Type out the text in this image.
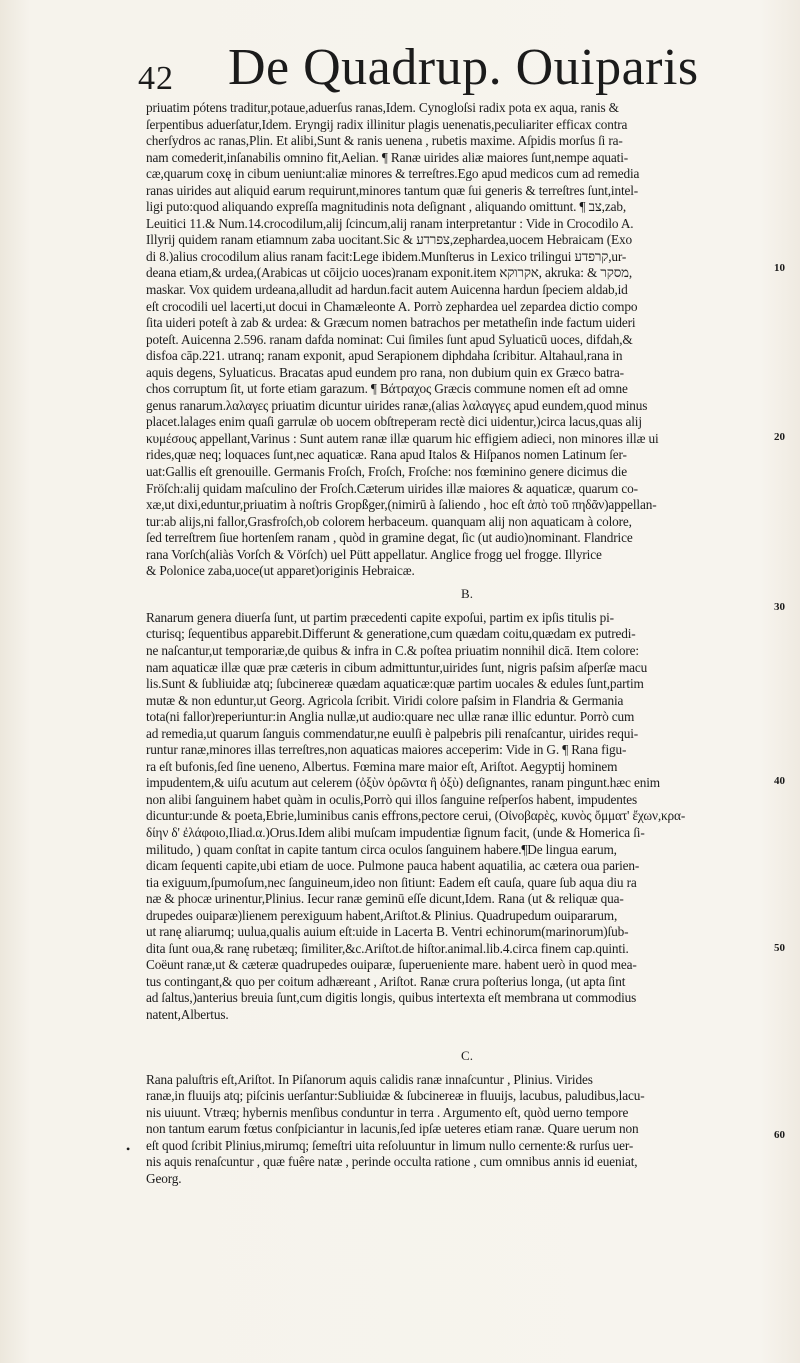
42 De Quadrup. Ouiparis
priuatim pótens traditur,potaue,aduerſus ranas,Idem. Cynogloſsi radix pota ex aqua, ranis &
ſerpentibus aduerſatur,Idem. Eryngij radix illinitur plagis uenenatis,peculiariter efficax contra
cherſydros ac ranas,Plin. Et alibi,Sunt & ranis uenena , rubetis maxime. Aſpidis morſus ſi ra-
nam comederit,inſanabilis omnino fit,Aelian. ¶ Ranæ uirides aliæ maiores ſunt,nempe aquati-
cæ,quarum coxę in cibum ueniunt:aliæ minores & terreſtres.Ego apud medicos cum ad remedia
ranas uirides aut aliquid earum requirunt,minores tantum quæ ſui generis & terreſtres ſunt,intel-
ligi puto:quod aliquando expreſſa magnitudinis nota deſignant , aliquando omittunt. ¶ צב,zab,
Leuitici 11.& Num.14.crocodilum,alij ſcincum,alij ranam interpretantur : Vide in Crocodilo A.
Illyrij quidem ranam etiamnum zaba uocitant.Sic & צפרדע,zephardea,uocem Hebraicam (Exo
di 8.)alius crocodilum alius ranam facit:Lege ibidem.Munſterus in Lexico trilingui קרפדע,ur-
deana etiam,& urdea,(Arabicas ut cōijcio uoces)ranam exponit.item אקרוקא, akruka: & מסקר,
maskar. Vox quidem urdeana,alludit ad hardun.facit autem Auicenna hardun ſpeciem aldab,id
eſt crocodili uel lacerti,ut docui in Chamæleonte A. Porrò zephardea uel zepardea dictio compo
ſita uideri poteſt à zab & urdea: & Græcum nomen batrachos per metatheſin inde factum uideri
poteſt. Auicenna 2.596. ranam dafda nominat: Cui ſimiles ſunt apud Syluaticū uoces, difdah,&
disfoa cāp.221. utranq; ranam exponit, apud Serapionem diphdaha ſcribitur. Altahaul,rana in
aquis degens, Syluaticus. Bracatas apud eundem pro rana, non dubium quin ex Græco batra-
chos corruptum ſit, ut forte etiam garazum. ¶ Βάτραχος Græcis commune nomen eſt ad omne
genus ranarum.λαλαγες priuatim dicuntur uirides ranæ,(alias λαλαγγες apud eundem,quod minus
placet.lalages enim quaſi garrulæ ob uocem obſtreperam rectè dici uidentur,)circa lacus,quas alij
κυμέσους appellant,Varinus : Sunt autem ranæ illæ quarum hic effigiem adieci, non minores illæ ui
rides,quæ neq; loquaces ſunt,nec aquaticæ. Rana apud Italos & Hiſpanos nomen Latinum ſer-
uat:Gallis eſt grenouille. Germanis Froſch, Froſch, Froſche: nos fœminino genere dicimus die
Fröſch:alij quidam maſculino der Froſch.Cæterum uirides illæ maiores & aquaticæ, quarum co-
xæ,ut dixi,eduntur,priuatim à noſtris Gropßger,(nimirū à ſaliendo , hoc eſt ἁπὸ τοῦ πηδᾶν)appellan-
tur:ab alijs,ni fallor,Grasfroſch,ob colorem herbaceum. quanquam alij non aquaticam à colore,
ſed terreſtrem ſiue hortenſem ranam , quòd in gramine degat, ſic (ut audio)nominant. Flandrice
rana Vorſch(aliàs Vorſch & Vörſch) uel Pütt appellatur. Anglice frogg uel frogge. Illyrice
& Polonice zaba,uoce(ut apparet)originis Hebraicæ.
B.
Ranarum genera diuerſa ſunt, ut partim præcedenti capite expoſui, partim ex ipſis titulis pi-
cturisq; ſequentibus apparebit.Differunt & generatione,cum quædam coitu,quædam ex putredi-
ne naſcantur,ut temporariæ,de quibus & infra in C.& poſtea priuatim nonnihil dicā. Item colore:
nam aquaticæ illæ quæ præ cæteris in cibum admittuntur,uirides ſunt, nigris paſsim aſperſæ macu
lis.Sunt & ſubliuidæ atq; ſubcinereæ quædam aquaticæ:quæ partim uocales & edules ſunt,partim
mutæ & non eduntur,ut Georg. Agricola ſcribit. Viridi colore paſsim in Flandria & Germania
tota(ni fallor)reperiuntur:in Anglia nullæ,ut audio:quare nec ullæ ranæ illic eduntur. Porrò cum
ad remedia,ut quarum ſanguis commendatur,ne euulſi è palpebris pili renaſcantur, uirides requi-
runtur ranæ,minores illas terreſtres,non aquaticas maiores acceperim: Vide in G. ¶ Rana figu-
ra eſt bufonis,ſed ſine ueneno, Albertus. Fœmina mare maior eſt, Ariſtot. Aegyptij hominem
impudentem,& uiſu acutum aut celerem (ὀξὺν ὁρῶντα ἢ ὀξὺ) deſignantes, ranam pingunt.hæc enim
non alibi ſanguinem habet quàm in oculis,Porrò qui illos ſanguine reſperſos habent, impudentes
dicuntur:unde & poeta,Ebrie,luminibus canis effrons,pectore cerui, (Οἰνοβαρὲς, κυνὸς ὄμματ' ἔχων,κρα-
δίην δ' ἐλάφοιο,Iliad.α.)Orus.Idem alibi muſcam impudentiæ ſignum facit, (unde & Homerica ſi-
militudo, ) quam conſtat in capite tantum circa oculos ſanguinem habere.¶De lingua earum,
dicam ſequenti capite,ubi etiam de uoce. Pulmone pauca habent aquatilia, ac cætera oua parien-
tia exiguum,ſpumoſum,nec ſanguineum,ideo non ſitiunt: Eadem eſt cauſa, quare ſub aqua diu ra
næ & phocæ urinentur,Plinius. Iecur ranæ geminū eſſe dicunt,Idem. Rana (ut & reliquæ qua-
drupedes ouiparæ)lienem perexiguum habent,Ariſtot.& Plinius. Quadrupedum ouipararum,
ut ranę aliarumq; uulua,qualis auium eſt:uide in Lacerta B. Ventri echinorum(marinorum)ſub-
dita ſunt oua,& ranę rubetæq; ſimiliter,&c.Ariſtot.de hiſtor.animal.lib.4.circa finem cap.quinti.
Coëunt ranæ,ut & cæteræ quadrupedes ouiparæ, ſuperueniente mare. habent uerò in quod mea-
tus contingant,& quo per coitum adhæreant , Ariſtot. Ranæ crura poſterius longa, (ut apta ſint
ad ſaltus,)anterius breuia ſunt,cum digitis longis, quibus intertexta eſt membrana ut commodius
natent,Albertus.
C.
Rana paluſtris eſt,Ariſtot. In Piſanorum aquis calidis ranæ innaſcuntur , Plinius. Virides
ranæ,in fluuijs atq; piſcinis uerſantur:Subliuidæ & ſubcinereæ in fluuijs, lacubus, paludibus,lacu-
nis uiuunt. Vtræq; hybernis menſibus conduntur in terra . Argumento eſt, quòd uerno tempore
non tantum earum fœtus conſpiciantur in lacunis,ſed ipſæ ueteres etiam ranæ. Quare uerum non
eſt quod ſcribit Plinius,mirumq; ſemeſtri uita reſoluuntur in limum nullo cernente:& rurſus uer-
nis aquis renaſcuntur , quæ fuêre natæ , perinde occulta ratione , cum omnibus annis id eueniat,
Georg.
10
20
30
40
50
60
•
